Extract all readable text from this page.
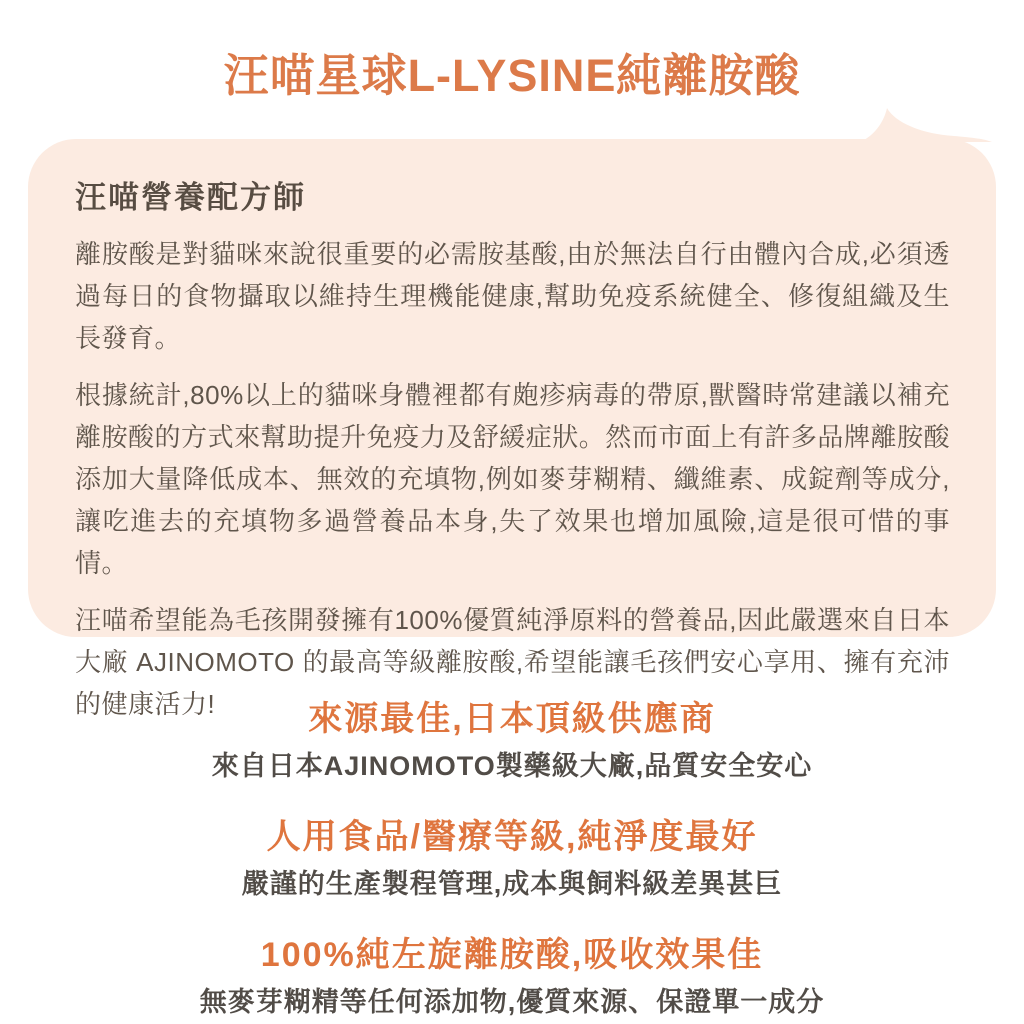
汪喵星球L-LYSINE純離胺酸
汪喵營養配方師

離胺酸是對貓咪來說很重要的必需胺基酸,由於無法自行由體內合成,必須透過每日的食物攝取以維持生理機能健康,幫助免疫系統健全、修復組織及生長發育。

根據統計,80%以上的貓咪身體裡都有皰疹病毒的帶原,獸醫時常建議以補充離胺酸的方式來幫助提升免疫力及舒緩症狀。然而市面上有許多品牌離胺酸添加大量降低成本、無效的充填物,例如麥芽糊精、纖維素、成錠劑等成分,讓吃進去的充填物多過營養品本身,失了效果也增加風險,這是很可惜的事情。

汪喵希望能為毛孩開發擁有100%優質純淨原料的營養品,因此嚴選來自日本大廠 AJINOMOTO 的最高等級離胺酸,希望能讓毛孩們安心享用、擁有充沛的健康活力!	來源最佳,日本頂級供應商

來自日本AJINOMOTO製藥級大廠,品質安全安心

人用食品/醫療等級,純淨度最好

嚴謹的生產製程管理,成本與飼料級差異甚巨

100%純左旋離胺酸,吸收效果佳

無麥芽糊精等任何添加物,優質來源、保證單一成分
